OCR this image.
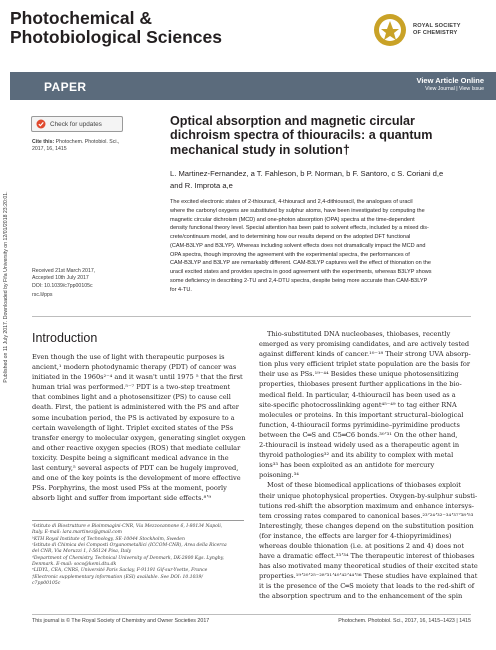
Published on 11 July 2017. Downloaded by Fifa University on 12/01/2018 23:20:01.
Photochemical &
Photobiological Sciences
ROYAL SOCIETY
OF CHEMISTRY
PAPER	View Article Online
View Journal | View Issue
Check for updates
Cite this: Photochem. Photobiol. Sci.,
2017, 16, 1415
Optical absorption and magnetic circular
dichroism spectra of thiouracils: a quantum
mechanical study in solution†
L. Martinez-Fernandez, a T. Fahleson, b P. Norman, b F. Santoro, c S. Coriani d,e
and R. Improta a,e
The excited electronic states of 2-thiouracil, 4-thiouracil and 2,4-dithiouracil, the analogues of uracil
where the carbonyl oxygens are substituted by sulphur atoms, have been investigated by computing the
magnetic circular dichroism (MCD) and one-photon absorption (OPA) spectra at the time-dependent
density functional theory level. Special attention has been paid to solvent effects, included by a mixed dis-
crete/continuum model, and to determining how our results depend on the adopted DFT functional
(CAM-B3LYP and B3LYP). Whereas including solvent effects does not dramatically impact the MCD and
OPA spectra, though improving the agreement with the experimental spectra, the performances of
CAM-B3LYP and B3LYP are remarkably different. CAM-B3LYP captures well the effect of thionation on the
uracil excited states and provides spectra in good agreement with the experiments, whereas B3LYP shows
some deficiency in describing 2-TU and 2,4-DTU spectra, despite being more accurate than CAM-B3LYP
for 4-TU.
Received 21st March 2017,
Accepted 10th July 2017
DOI: 10.1039/c7pp00105c
rsc.li/pps
Introduction
Even though the use of light with therapeutic purposes is
ancient,¹ modern photodynamic therapy (PDT) of cancer was
initiated in the 1960s²⁻⁴ and it wasn't until 1975 ⁵ that the first
human trial was performed.⁵⁻⁷ PDT is a two-step treatment
that combines light and a photosensitizer (PS) to cause cell
death. First, the patient is administered with the PS and after
some incubation period, the PS is activated by exposure to a
certain wavelength of light. Triplet excited states of the PSs
transfer energy to molecular oxygen, generating singlet oxygen
and other reactive oxygen species (ROS) that mediate cellular
toxicity. Despite being a significant medical advance in the
last century,⁵ several aspects of PDT can be hugely improved,
and one of the key points is the development of more effective
PSs. Porphyrins, the most used PSs at the moment, poorly
absorb light and suffer from important side effects.⁸ʼ⁹
ᵃIstituto di Biostrutture e Bioimmagini-CNR, Via Mezzocannone 6, I-80134 Napoli,
Italy. E-mail: lara.martinez@gmail.com
ᵇKTH Royal Institute of Technology, SE-10044 Stockholm, Sweden
ᶜIstituto di Chimica dei Composti Organometallici (ICCOM-CNR), Area della Ricerca
del CNR, Via Moruzzi 1, I-56124 Pisa, Italy
ᵈDepartment of Chemistry, Technical University of Denmark, DK-2800 Kgs. Lyngby,
Denmark. E-mail: soco@kemi.dtu.dk
ᵉLIDYL, CEA, CNRS, Université Paris Saclay, F-91191 Gif-sur-Yvette, France
†Electronic supplementary information (ESI) available. See DOI: 10.1039/
c7pp00105c
Thio-substituted DNA nucleobases, thiobases, recently
emerged as very promising candidates, and are actively tested
against different kinds of cancer.¹⁰⁻¹⁸ Their strong UVA absorp-
tion plus very efficient triplet state population are the basis for
their use as PSs.¹⁹⁻⁴⁴ Besides these unique photosensitizing
properties, thiobases present further applications in the bio-
medical field. In particular, 4-thiouracil has been used as a
site-specific photocrosslinking agent⁴⁵⁻⁴⁹ to tag either RNA
molecules or proteins. In this important structural–biological
function, 4-thiouracil forms pyrimidine–pyrimidine products
between the C═S and C5═C6 bonds.³⁰ʼ³¹ On the other hand,
2-thiouracil is instead widely used as a therapeutic agent in
thyroid pathologies³² and its ability to complex with metal
ions³³ has been exploited as an antidote for mercury
poisoning.³⁴
Most of these biomedical applications of thiobases exploit
their unique photophysical properties. Oxygen-by-sulphur substi-
tutions red-shift the absorption maximum and enhance intersys-
tem crossing rates compared to canonical bases.²³ʼ²⁴ʼ³²⁻³⁴ʼ³⁷ʼ³⁸ʼ⁵³
Interestingly, these changes depend on the substitution position
(for instance, the effects are larger for 4-thiopyrimidines)
whereas double thionation (i.e. at positions 2 and 4) does not
have a dramatic effect.³³ʼ³⁴ The therapeutic interest of thiobases
has also motivated many theoretical studies of their excited state
properties.¹⁹ʼ²⁰ʼ²⁵⁻²⁸ʼ³¹ʼ⁴⁰ʼ⁴²ʼ⁴⁴ʼ⁵⁶ These studies have explained that
it is the presence of the C═S moiety that leads to the red-shift of
the absorption spectrum and to the enhancement of the spin
This journal is © The Royal Society of Chemistry and Owner Societies 2017	Photochem. Photobiol. Sci., 2017, 16, 1415–1423 | 1415
